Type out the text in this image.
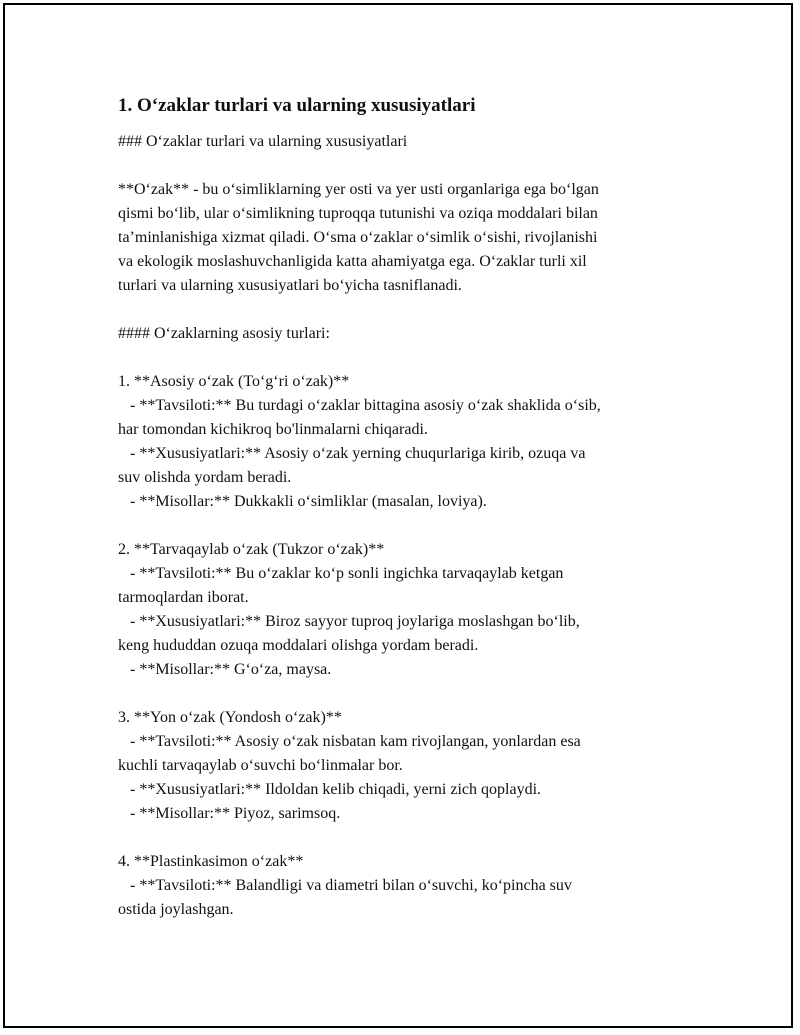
1. O‘zaklar turlari va ularning xususiyatlari
### O‘zaklar turlari va ularning xususiyatlari
**O‘zak** - bu o‘simliklarning yer osti va yer usti organlariga ega bo‘lgan
qismi bo‘lib, ular o‘simlikning tuproqqa tutunishi va oziqa moddalari bilan
ta’minlanishiga xizmat qiladi. O‘sma o‘zaklar o‘simlik o‘sishi, rivojlanishi
va ekologik moslashuvchanligida katta ahamiyatga ega. O‘zaklar turli xil
turlari va ularning xususiyatlari bo‘yicha tasniflanadi.
#### O‘zaklarning asosiy turlari:
1. **Asosiy o‘zak (To‘g‘ri o‘zak)**
- **Tavsiloti:** Bu turdagi o‘zaklar bittagina asosiy o‘zak shaklida o‘sib,
har tomondan kichikroq bo'linmalarni chiqaradi.
- **Xususiyatlari:** Asosiy o‘zak yerning chuqurlariga kirib, ozuqa va
suv olishda yordam beradi.
- **Misollar:** Dukkakli o‘simliklar (masalan, loviya).
2. **Tarvaqaylab o‘zak (Tukzor o‘zak)**
- **Tavsiloti:** Bu o‘zaklar ko‘p sonli ingichka tarvaqaylab ketgan
tarmoqlardan iborat.
- **Xususiyatlari:** Biroz sayyor tuproq joylariga moslashgan bo‘lib,
keng hududdan ozuqa moddalari olishga yordam beradi.
- **Misollar:** G‘o‘za, maysa.
3. **Yon o‘zak (Yondosh o‘zak)**
- **Tavsiloti:** Asosiy o‘zak nisbatan kam rivojlangan, yonlardan esa
kuchli tarvaqaylab o‘suvchi bo‘linmalar bor.
- **Xususiyatlari:** Ildoldan kelib chiqadi, yerni zich qoplaydi.
- **Misollar:** Piyoz, sarimsoq.
4. **Plastinkasimon o‘zak**
- **Tavsiloti:** Balandligi va diametri bilan o‘suvchi, ko‘pincha suv
ostida joylashgan.
